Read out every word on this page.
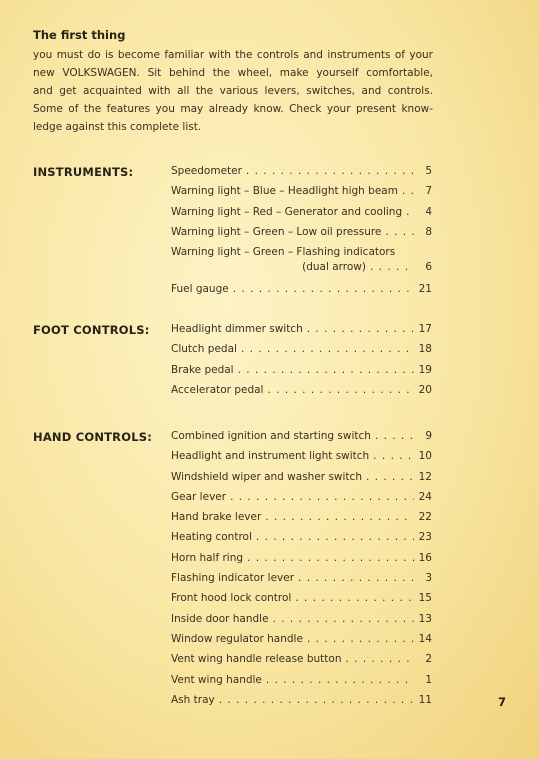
The first thing
you must do is become familiar with the controls and instruments of your
new VOLKSWAGEN. Sit behind the wheel, make yourself comfortable,
and get acquainted with all the various levers, switches, and controls.
Some of the features you may already know. Check your present know-
ledge against this complete list.
INSTRUMENTS:	Speedometer . . .	5
Warning light – Blue – Headlight high beam . . .	7
Warning light – Red – Generator and cooling . . .	4
Warning light – Green – Low oil pressure . . .	8
Warning light – Green – Flashing indicators
(dual arrow) . . .	6
Fuel gauge . . .	21
FOOT CONTROLS: Headlight dimmer switch . . .	17
Clutch pedal . . .	18
Brake pedal . . .	19
Accelerator pedal . . .	20
HAND CONTROLS: Combined ignition and starting switch . . .	9
Headlight and instrument light switch . . .	10
Windshield wiper and washer switch . . .	12
Gear lever . . .	24
Hand brake lever . . .	22
Heating control . . .	23
Horn half ring . . .	16
Flashing indicator lever . . .	3
Front hood lock control . . .	15
Inside door handle . . .	13
Window regulator handle . . .	14
Vent wing handle release button . . .	2
Vent wing handle . . .	1
Ash tray . . .	11	7
